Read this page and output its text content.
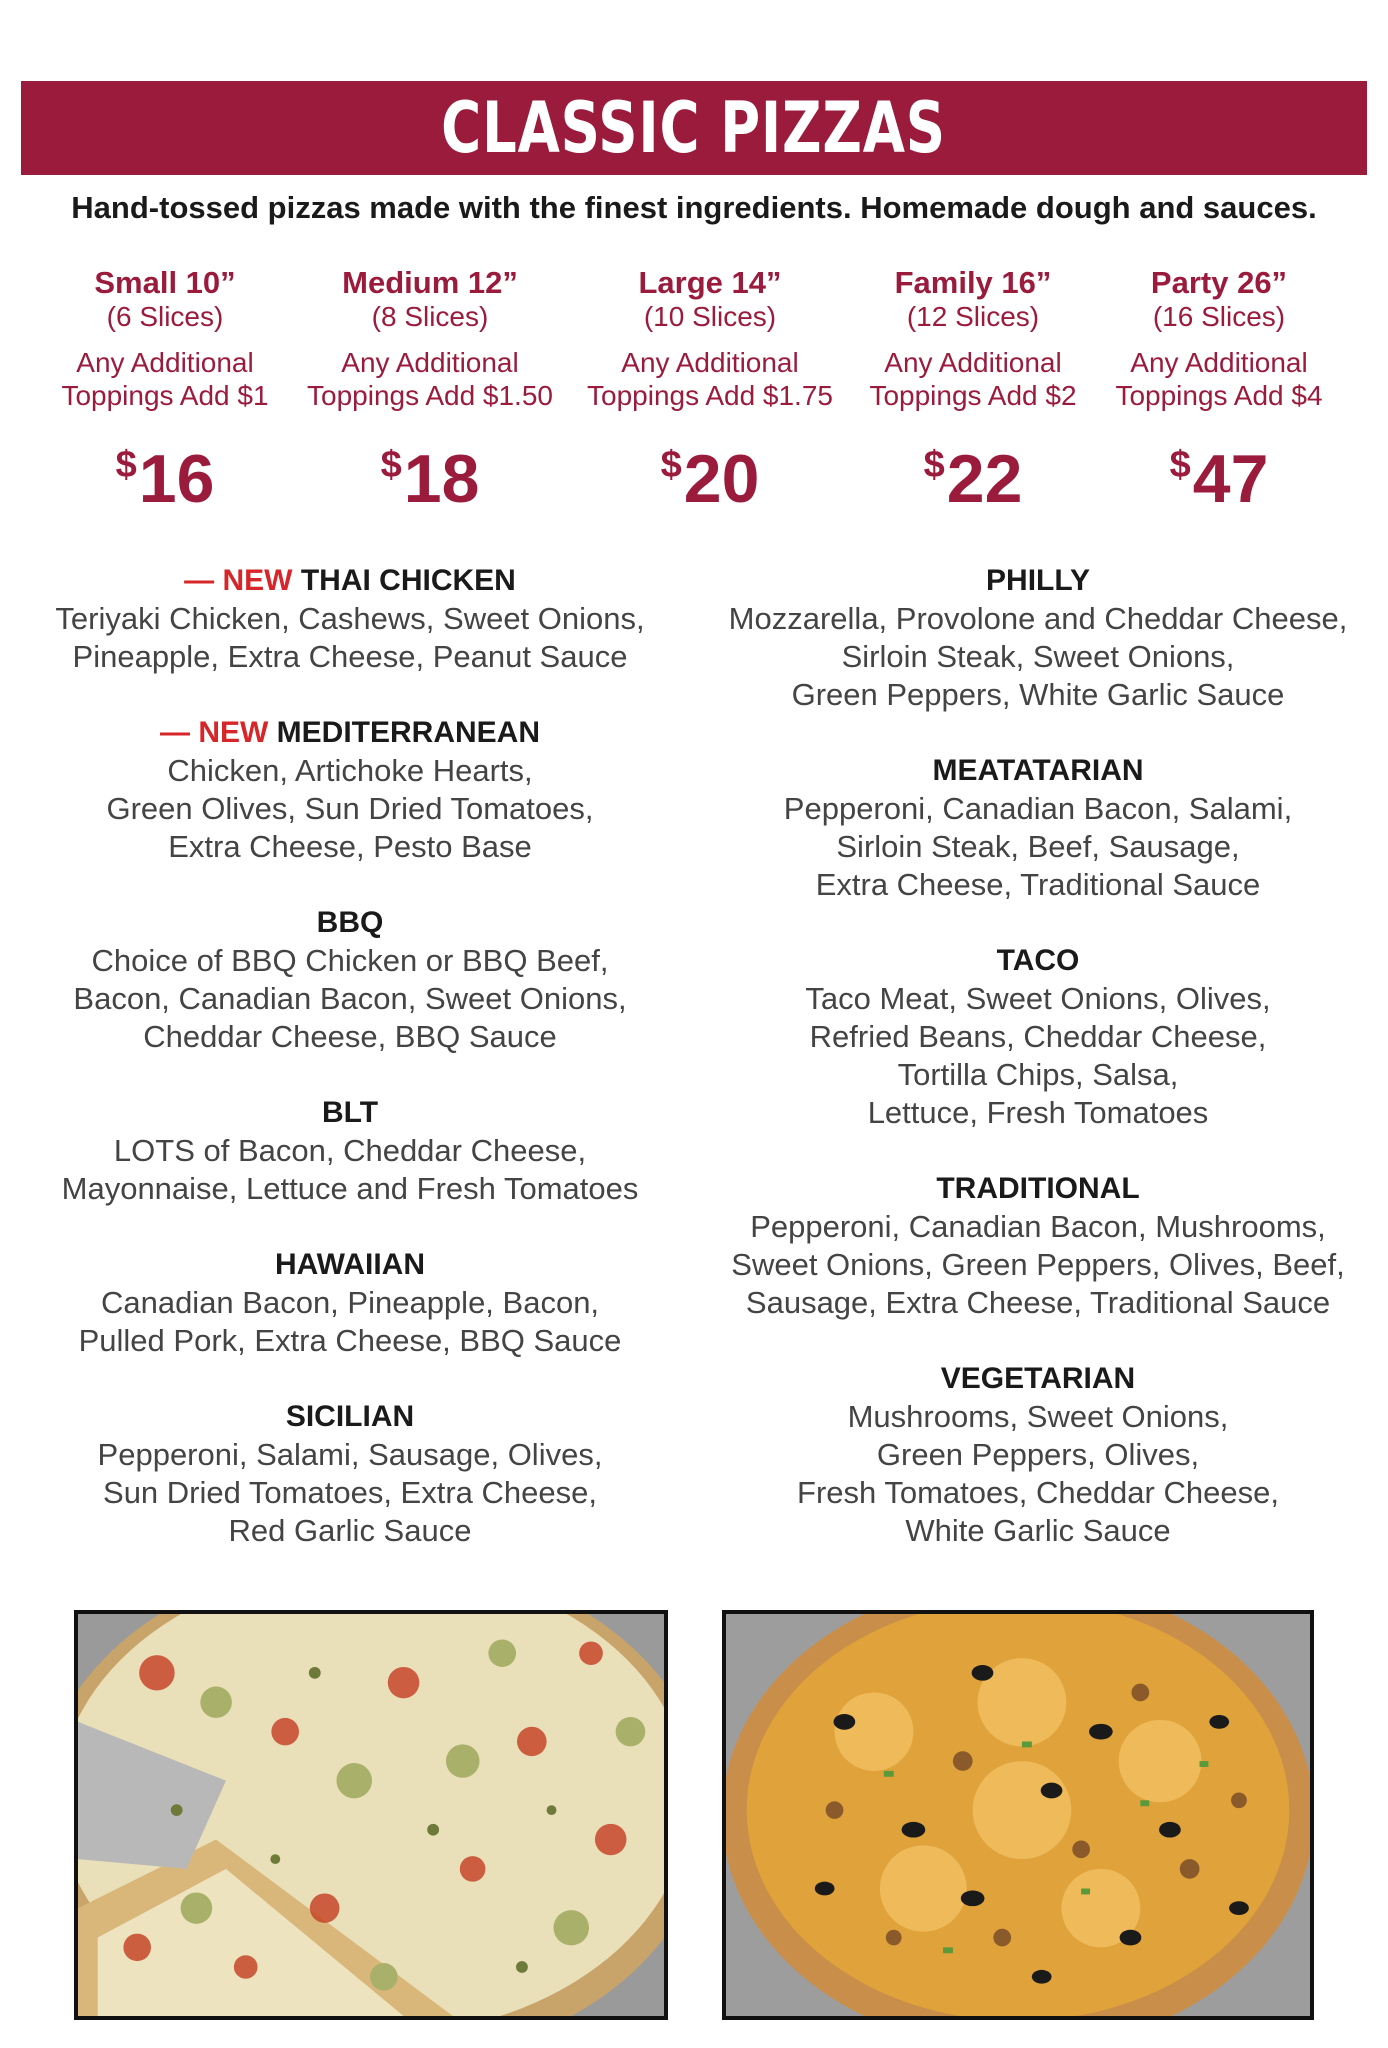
CLASSIC PIZZAS
Hand-tossed pizzas made with the finest ingredients. Homemade dough and sauces.
Small 10”
(6 Slices)
Any Additional
Toppings Add $1
$16
Medium 12”
(8 Slices)
Any Additional
Toppings Add $1.50
$18
Large 14”
(10 Slices)
Any Additional
Toppings Add $1.75
$20
Family 16”
(12 Slices)
Any Additional
Toppings Add $2
$22
Party 26”
(16 Slices)
Any Additional
Toppings Add $4
$47
— NEW THAI CHICKEN
Teriyaki Chicken, Cashews, Sweet Onions,
Pineapple, Extra Cheese, Peanut Sauce
— NEW MEDITERRANEAN
Chicken, Artichoke Hearts,
Green Olives, Sun Dried Tomatoes,
Extra Cheese, Pesto Base
BBQ
Choice of BBQ Chicken or BBQ Beef,
Bacon, Canadian Bacon, Sweet Onions,
Cheddar Cheese, BBQ Sauce
BLT
LOTS of Bacon, Cheddar Cheese,
Mayonnaise, Lettuce and Fresh Tomatoes
HAWAIIAN
Canadian Bacon, Pineapple, Bacon,
Pulled Pork, Extra Cheese, BBQ Sauce
SICILIAN
Pepperoni, Salami, Sausage, Olives,
Sun Dried Tomatoes, Extra Cheese,
Red Garlic Sauce
PHILLY
Mozzarella, Provolone and Cheddar Cheese,
Sirloin Steak, Sweet Onions,
Green Peppers, White Garlic Sauce
MEATATARIAN
Pepperoni, Canadian Bacon, Salami,
Sirloin Steak, Beef, Sausage,
Extra Cheese, Traditional Sauce
TACO
Taco Meat, Sweet Onions, Olives,
Refried Beans, Cheddar Cheese,
Tortilla Chips, Salsa,
Lettuce, Fresh Tomatoes
TRADITIONAL
Pepperoni, Canadian Bacon, Mushrooms,
Sweet Onions, Green Peppers, Olives, Beef,
Sausage, Extra Cheese, Traditional Sauce
VEGETARIAN
Mushrooms, Sweet Onions,
Green Peppers, Olives,
Fresh Tomatoes, Cheddar Cheese,
White Garlic Sauce
